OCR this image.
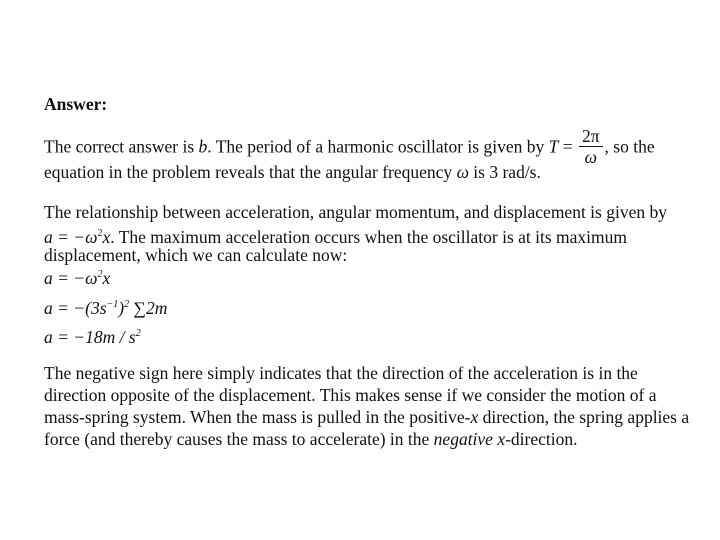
Answer:
The correct answer is b. The period of a harmonic oscillator is given by $T = \frac{2\pi}{\omega}$ , so the
equation in the problem reveals that the angular frequency ω is 3 rad/s.
The relationship between acceleration, angular momentum, and displacement is given by
$a = -\omega^2x$. The maximum acceleration occurs when the oscillator is at its maximum
displacement, which we can calculate now:
$a = -\omega^2x$
$a = -(3s^{-1})^2$ ∑2m
$a = -18m / s^2$
The negative sign here simply indicates that the direction of the acceleration is in the
direction opposite of the displacement. This makes sense if we consider the motion of a
mass-spring system. When the mass is pulled in the positive-x direction, the spring applies a
force (and thereby causes the mass to accelerate) in the negative x-direction.
